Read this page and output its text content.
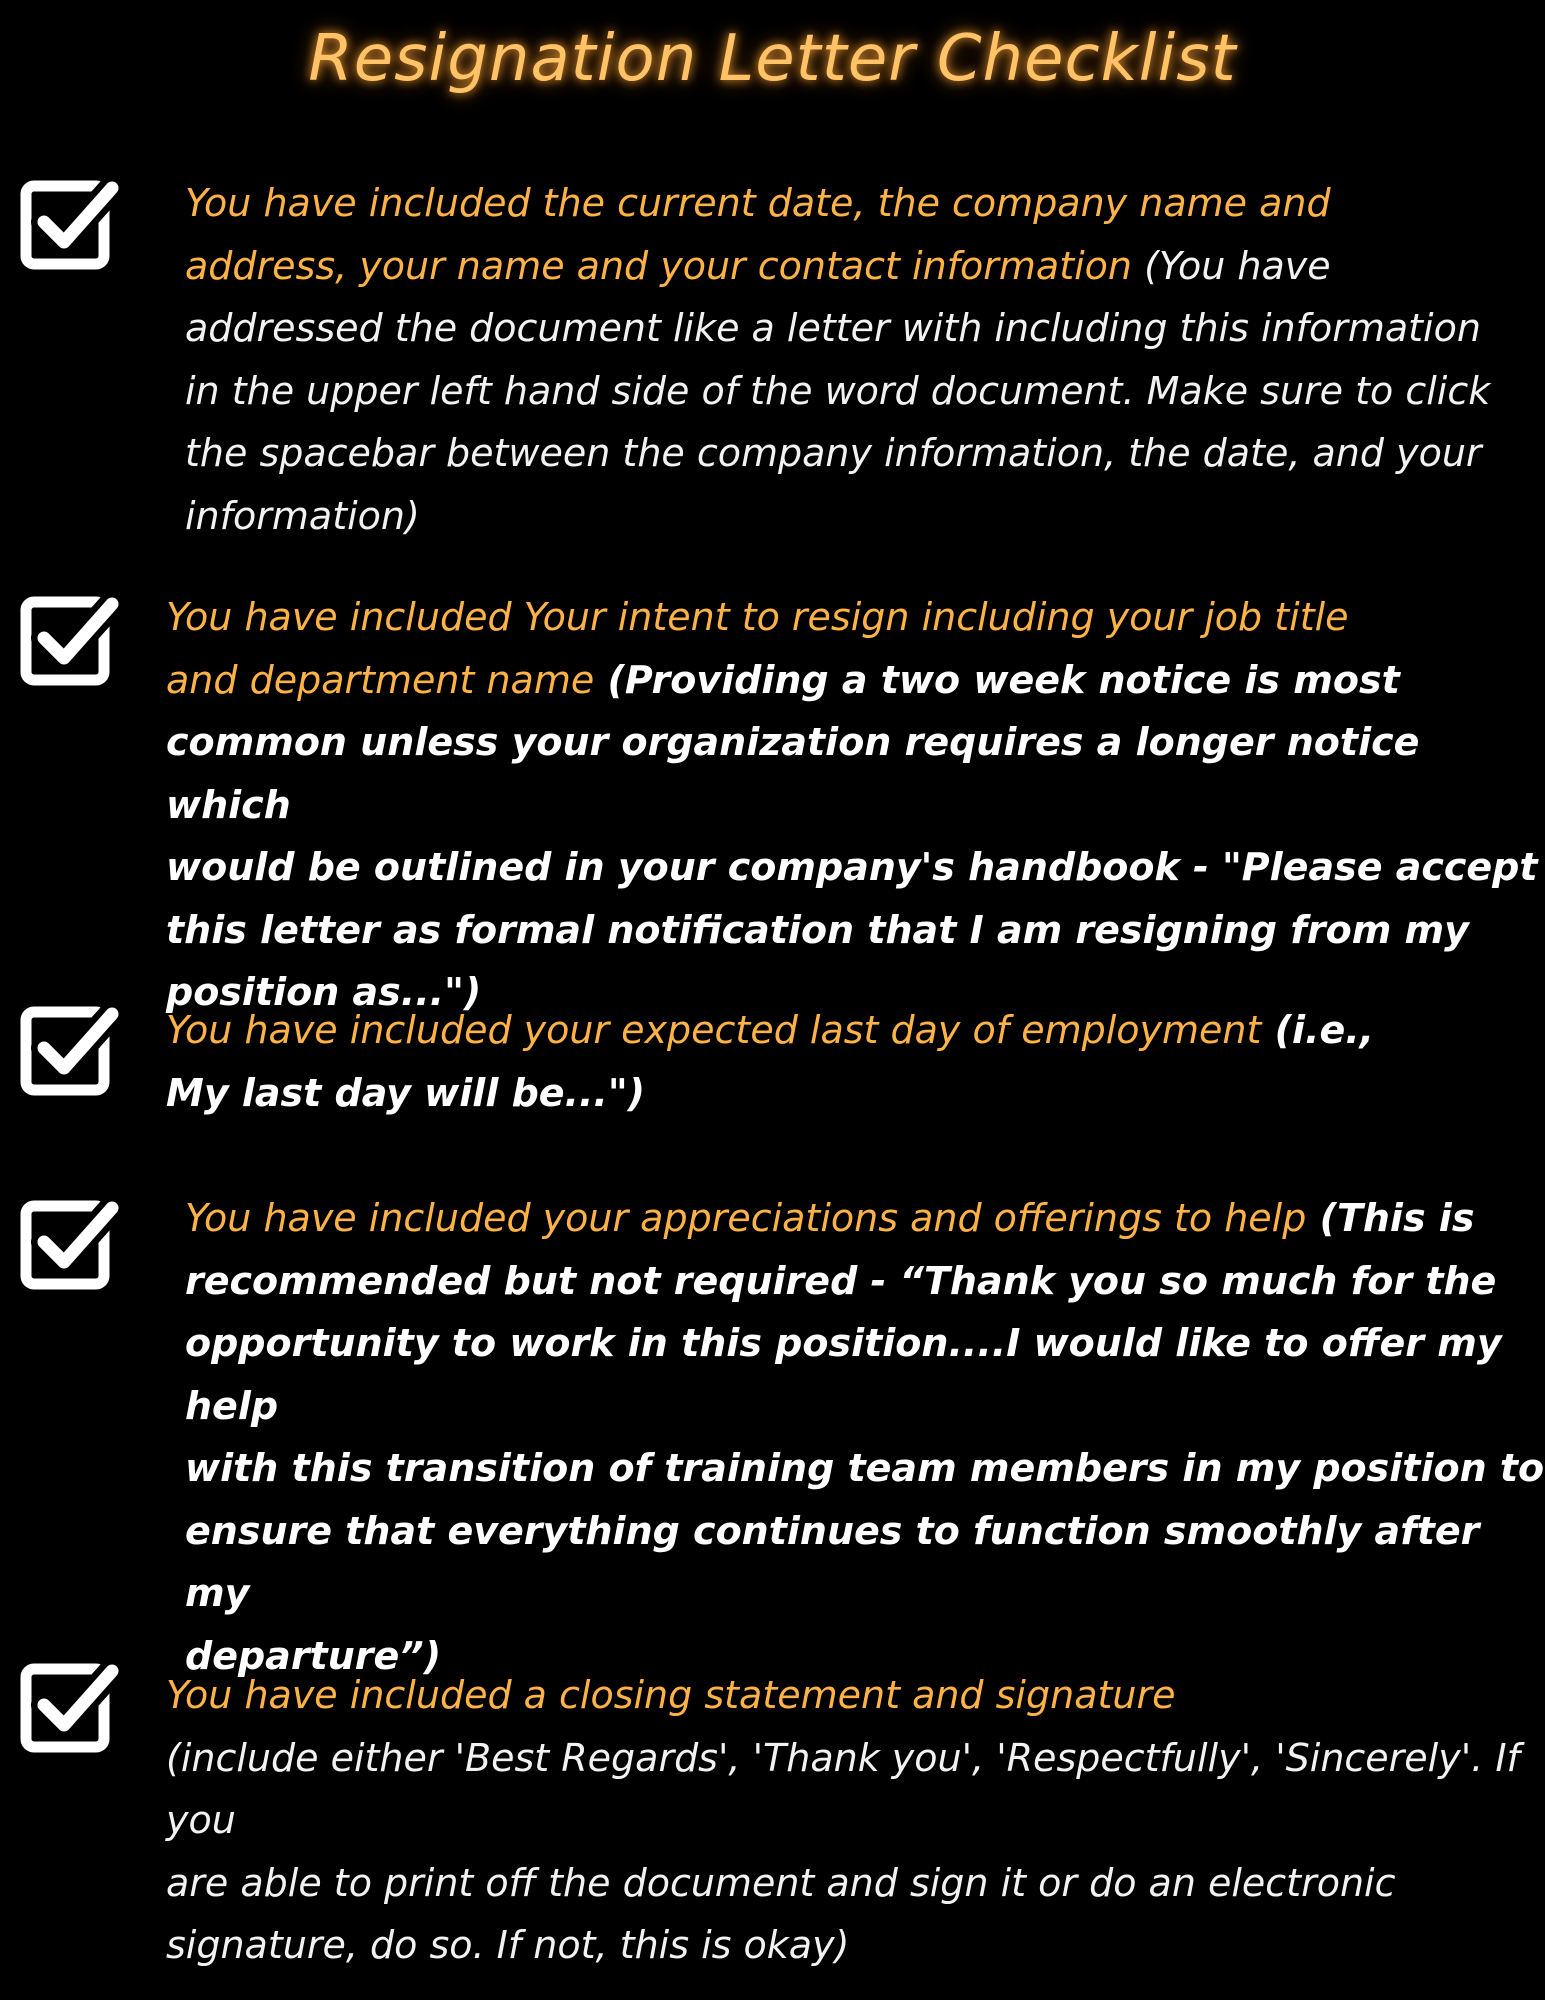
Resignation Letter Checklist
You have included the current date, the company name and
address, your name and your contact information (You have
addressed the document like a letter with including this information
in the upper left hand side of the word document. Make sure to click
the spacebar between the company information, the date, and your
information)
You have included Your intent to resign including your job title
and department name (Providing a two week notice is most
common unless your organization requires a longer notice which
would be outlined in your company's handbook - "Please accept
this letter as formal notification that I am resigning from my
position as...")
You have included your expected last day of employment (i.e.,
My last day will be...")
You have included your appreciations and offerings to help (This is
recommended but not required - “Thank you so much for the
opportunity to work in this position....I would like to offer my help
with this transition of training team members in my position to
ensure that everything continues to function smoothly after my
departure”)
You have included a closing statement and signature
(include either 'Best Regards', 'Thank you', 'Respectfully', 'Sincerely'. If you
are able to print off the document and sign it or do an electronic
signature, do so. If not, this is okay)
